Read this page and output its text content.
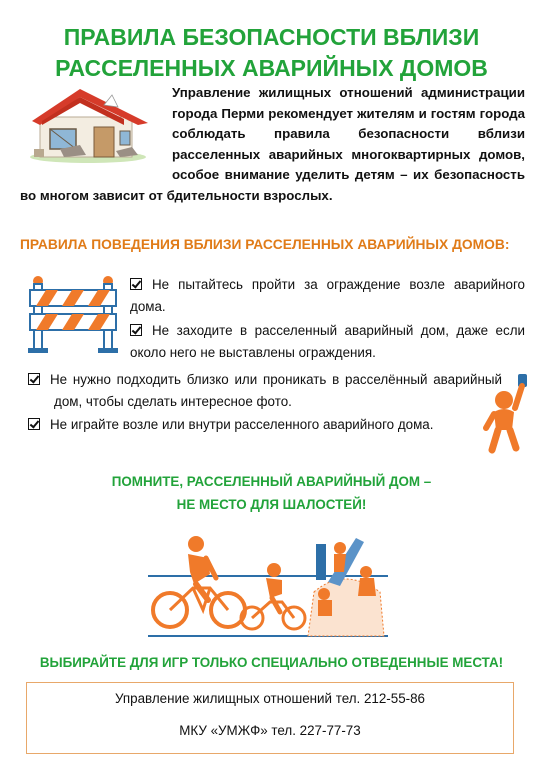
ПРАВИЛА БЕЗОПАСНОСТИ ВБЛИЗИ
РАССЕЛЕННЫХ АВАРИЙНЫХ ДОМОВ
Управление жилищных отношений администрации города Перми рекомендует жителям и гостям города соблюдать правила безопасности вблизи расселенных аварийных многоквартирных домов, особое внимание уделить детям – их безопасность во многом зависит от бдительности взрослых.
ПРАВИЛА ПОВЕДЕНИЯ ВБЛИЗИ РАССЕЛЕННЫХ АВАРИЙНЫХ ДОМОВ:
Не пытайтесь пройти за ограждение возле аварийного дома.
Не заходите в расселенный аварийный дом, даже если около него не выставлены ограждения.
Не нужно подходить близко или проникать в расселённый аварийный дом, чтобы сделать интересное фото.
Не играйте возле или внутри расселенного аварийного дома.
ПОМНИТЕ, РАССЕЛЕННЫЙ АВАРИЙНЫЙ ДОМ –
НЕ МЕСТО ДЛЯ ШАЛОСТЕЙ!
ВЫБИРАЙТЕ ДЛЯ ИГР ТОЛЬКО СПЕЦИАЛЬНО ОТВЕДЕННЫЕ МЕСТА!
Управление жилищных отношений тел. 212-55-86
МКУ «УМЖФ» тел. 227-77-73
